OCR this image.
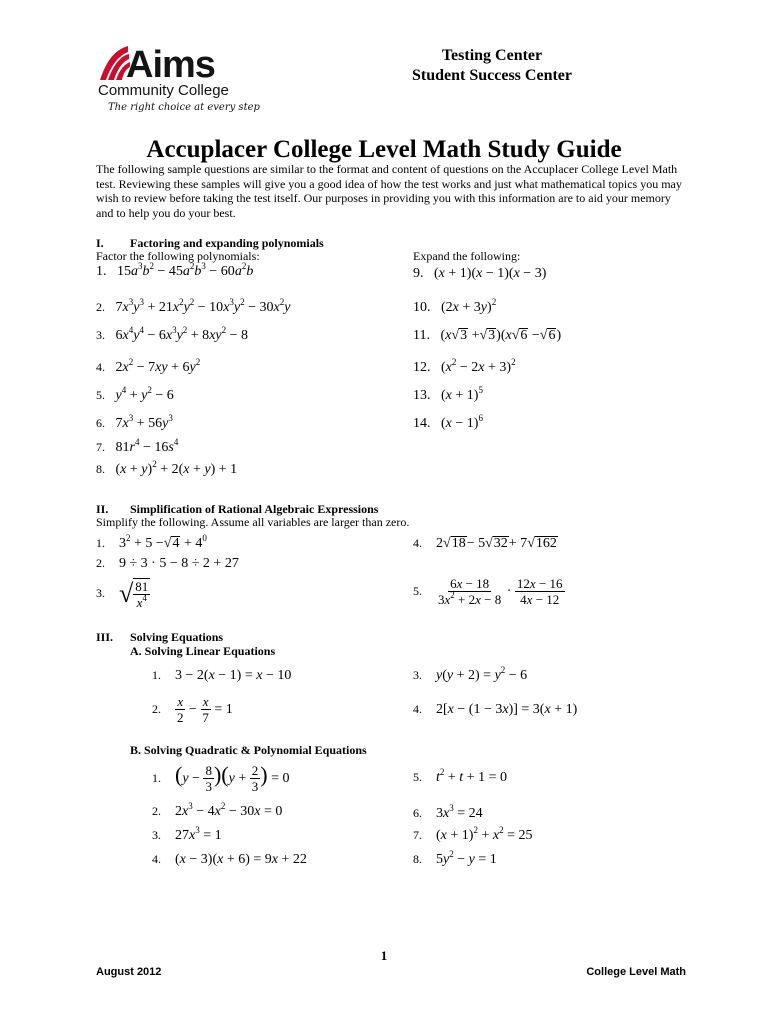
Aims
Community College
The right choice at every step
Testing Center
Student Success Center
Accuplacer College Level Math Study Guide
The following sample questions are similar to the format and content of questions on the Accuplacer College Level Math test. Reviewing these samples will give you a good idea of how the test works and just what mathematical topics you may wish to review before taking the test itself. Our purposes in providing you with this information are to aid your memory and to help you do your best.
I. Factoring and expanding polynomials
Factor the following polynomials:	Expand the following:
1. $15a^3b^2 - 45a^2b^3 - 60a^2b$
2. $7x^3y^3 + 21x^2y^2 - 10x^3y^2 - 30x^2y$
3. $6x^4y^4 - 6x^3y^2 + 8xy^2 - 8$
4. $2x^2 - 7xy + 6y^2$
5.   $y^4 + y^2 - 6$
6. $7x^3 + 56y^3$
7. $81r^4 - 16s^4$
8. $(x + y)^2 + 2(x + y) + 1$
9. (x + 1)(x − 1)(x − 3)
10. $(2x + 3y)^2$
11. (x√3 +√3)(x√6 −√6)
12. $(x^2 - 2x + 3)^2$
13. $(x + 1)^5$
14. $(x - 1)^6$
II. Simplification of Rational Algebraic Expressions
Simplify the following. Assume all variables are larger than zero.
1. $3^2 + 5 -√4 + 4^0$
2. 9 ÷ 3 · 5 − 8 ÷ 2 + 27
3. √ $\frac{81}{x^4}$
4. 2√18− 5√32+ 7√162
5. $\frac{6x - 18}{3x^2 + 2x - 8} \cdot \frac{12x - 16}{4x - 12}$
III. Solving Equations
A. Solving Linear Equations
1. 3 − 2(x − 1) = x − 10
2. $\frac{x}{2} - \frac{x}{7} = 1$
3.    $y(y + 2) = y^2 - 6$
4. 2[x − (1 − 3x)] = 3(x + 1)
B. Solving Quadratic & Polynomial Equations
1. $(y - \frac{8}{3} )(y + \frac{2}{3}$ ) = 0
2. $2x^3 - 4x^2 - 30x = 0$
3. $27x^3 = 1$
4. (x − 3)(x + 6) = 9x + 22
5.    $t^2 + t + 1 = 0$
6. $3x^3 = 24$
7. $(x + 1)^2 + x^2 = 25$
8. $5y^2 - y = 1$
1
August 2012	College Level Math
